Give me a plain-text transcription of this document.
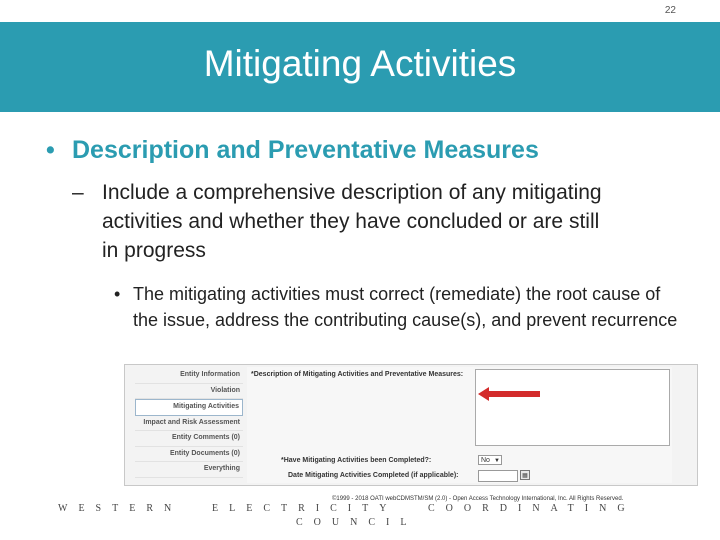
22
Mitigating Activities
• Description and Preventative Measures
– Include a comprehensive description of any mitigating activities and whether they have concluded or are still in progress
• The mitigating activities must correct (remediate) the root cause of the issue, address the contributing cause(s), and prevent recurrence
Entity Information
Violation
Mitigating Activities
Impact and Risk Assessment
Entity Comments (0)
Entity Documents (0)
Everything
*Description of Mitigating Activities and Preventative Measures:
*Have Mitigating Activities been Completed?:	No ▼
Date Mitigating Activities Completed (if applicable):	▦
©1999 - 2018 OATI webCDMSTM/SM (2.0) - Open Access Technology International, Inc. All Rights Reserved.
WESTERN	ELECTRICITY	COORDINATING
COUNCIL
